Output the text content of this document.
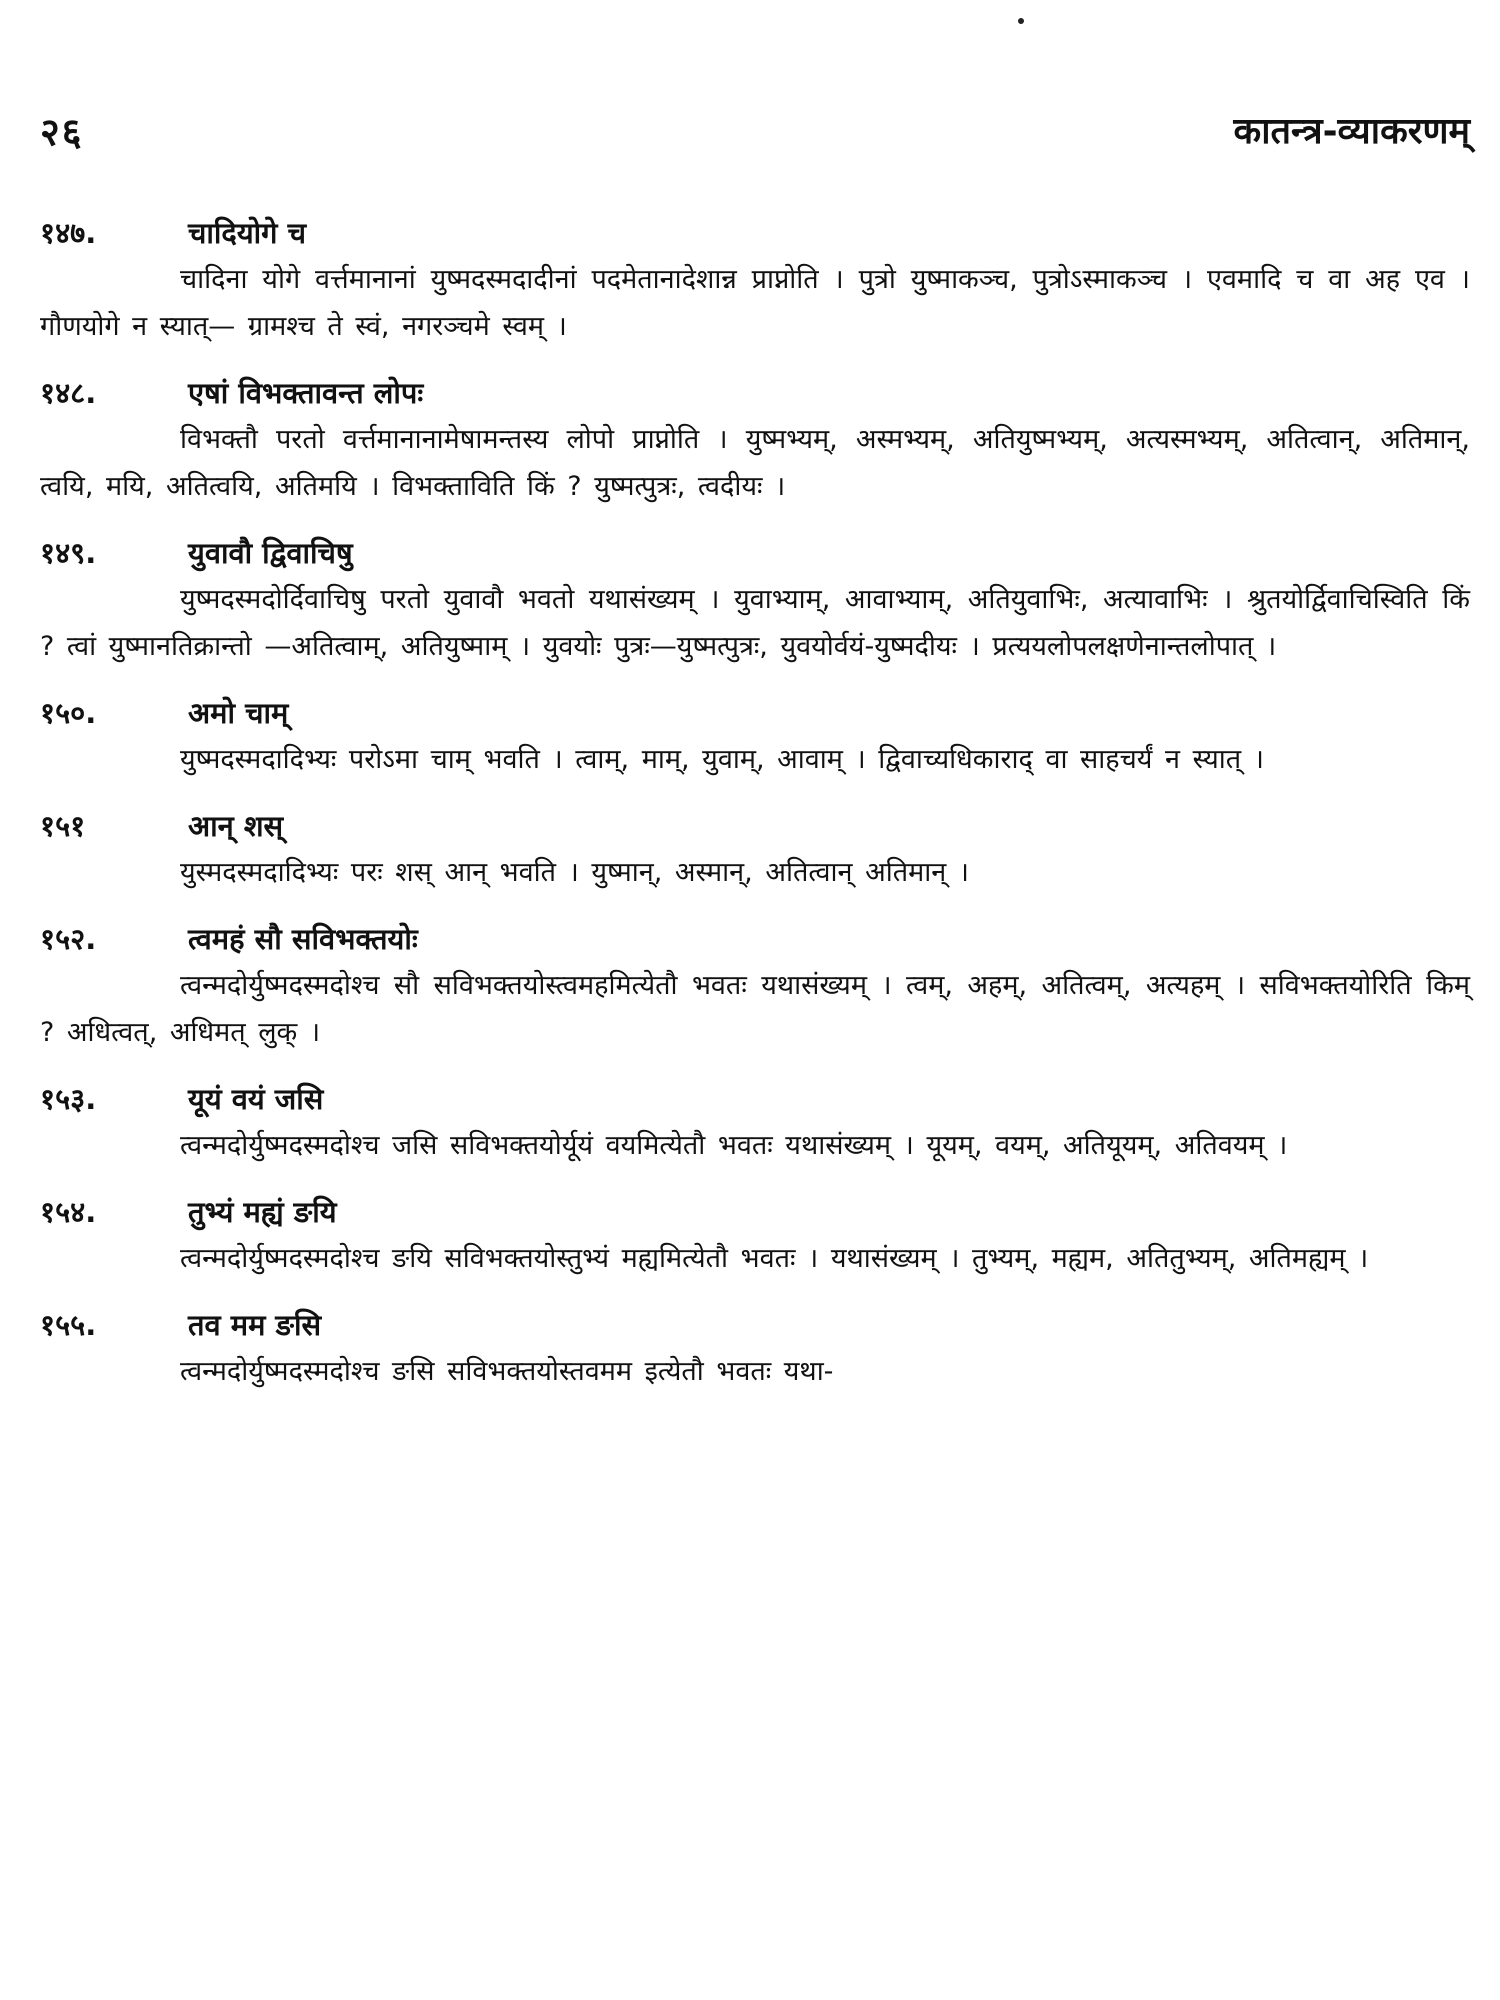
२६	कातन्त्र-व्याकरणम्
१४७.	चादियोगे च

चादिना योगे वर्त्तमानानां युष्मदस्मदादीनां पदमेतानादेशान्न प्राप्नोति । पुत्रो युष्माकञ्च, पुत्रोऽस्माकञ्च । एवमादि च वा अह एव । गौणयोगे न स्यात्— ग्रामश्च ते स्वं, नगरञ्चमे स्वम् ।

१४८.	एषां विभक्तावन्त लोपः

विभक्तौ परतो वर्त्तमानानामेषामन्तस्य लोपो प्राप्नोति । युष्मभ्यम्, अस्मभ्यम्, अतियुष्मभ्यम्, अत्यस्मभ्यम्, अतित्वान्, अतिमान्, त्वयि, मयि, अतित्वयि, अतिमयि । विभक्ताविति किं ? युष्मत्पुत्रः, त्वदीयः ।

१४९.	युवावौ द्विवाचिषु

युष्मदस्मदोर्दिवाचिषु परतो युवावौ भवतो यथासंख्यम् । युवाभ्याम्, आवाभ्याम्, अतियुवाभिः, अत्यावाभिः । श्रुतयोर्द्विवाचिस्विति किं ? त्वां युष्मानतिक्रान्तो —अतित्वाम्, अतियुष्माम् । युवयोः पुत्रः—युष्मत्पुत्रः, युवयोर्वयं-युष्मदीयः । प्रत्ययलोपलक्षणेनान्तलोपात् ।

१५०.	अमो चाम्

युष्मदस्मदादिभ्यः परोऽमा चाम् भवति । त्वाम्, माम्, युवाम्, आवाम् । द्विवाच्यधिकाराद् वा साहचर्यं न स्यात् ।

१५१	आन् शस्

युस्मदस्मदादिभ्यः परः शस् आन् भवति । युष्मान्, अस्मान्, अतित्वान् अतिमान् ।

१५२.	त्वमहं सौ सविभक्तयोः

त्वन्मदोर्युष्मदस्मदोश्च सौ सविभक्तयोस्त्वमहमित्येतौ भवतः यथासंख्यम् । त्वम्, अहम्, अतित्वम्, अत्यहम् । सविभक्तयोरिति किम् ? अधित्वत्, अधिमत् लुक् ।

१५३.	यूयं वयं जसि

त्वन्मदोर्युष्मदस्मदोश्च जसि सविभक्तयोर्यूयं वयमित्येतौ भवतः यथासंख्यम् । यूयम्, वयम्, अतियूयम्, अतिवयम् ।

१५४.	तुभ्यं मह्यं ङयि

त्वन्मदोर्युष्मदस्मदोश्च ङयि सविभक्तयोस्तुभ्यं मह्यमित्येतौ भवतः । यथासंख्यम् । तुभ्यम्, मह्यम, अतितुभ्यम्, अतिमह्यम् ।

१५५.	तव मम ङसि

त्वन्मदोर्युष्मदस्मदोश्च ङसि सविभक्तयोस्तवमम इत्येतौ भवतः यथा-
